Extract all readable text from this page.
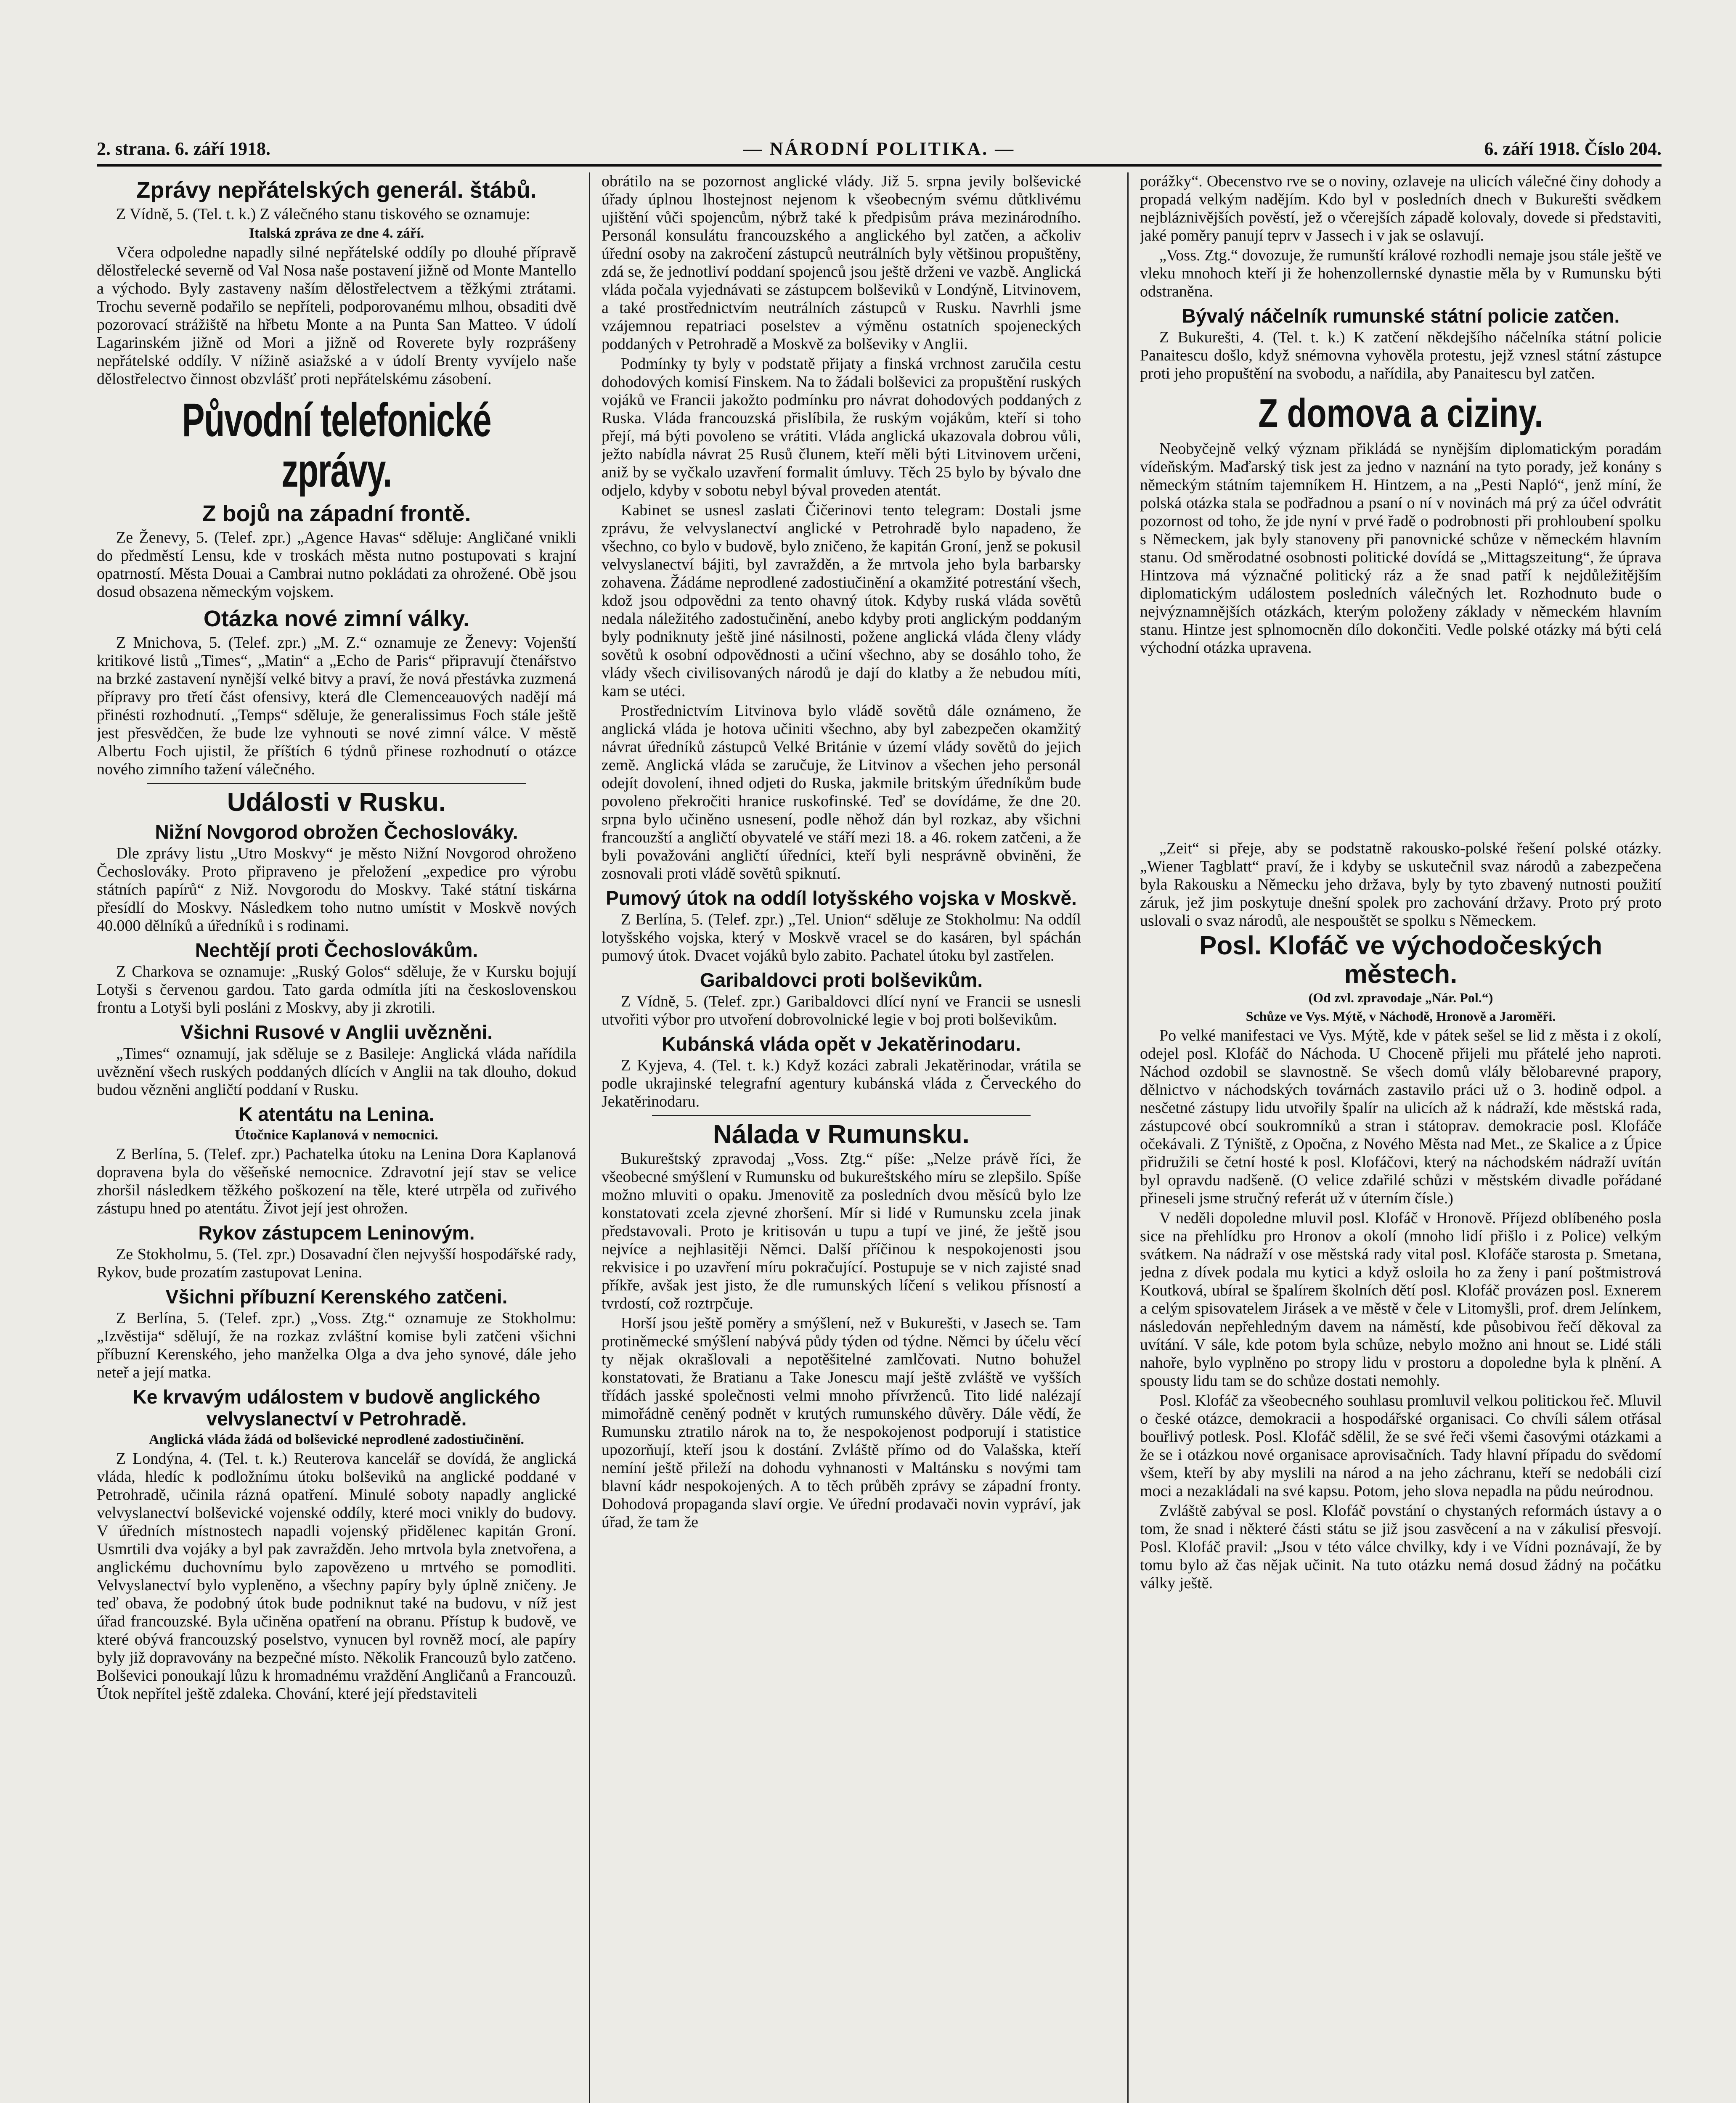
2. strana. 6. září 1918.	— NÁRODNÍ POLITIKA. —	6. září 1918. Číslo 204.
Zprávy nepřátelských generál. štábů.

Z Vídně, 5. (Tel. t. k.) Z válečného stanu tiskového se oznamuje:

Italská zpráva ze dne 4. září.

Včera odpoledne napadly silné nepřátelské oddíly po dlouhé přípravě dělostřelecké severně od Val Nosa naše postavení jižně od Monte Mantello a východo. Byly zastaveny naším dělostřelectvem a těžkými ztrátami. Trochu severně podařilo se nepříteli, podporovanému mlhou, obsaditi dvě pozorovací strážiště na hřbetu Monte a na Punta San Matteo. V údolí Lagarinském jižně od Mori a jižně od Roverete byly rozprášeny nepřátelské oddíly. V nížině asiažské a v údolí Brenty vyvíjelo naše dělostřelectvo činnost obzvlášť proti nepřátelskému zásobení.

Původní telefonické zprávy.
Z bojů na západní frontě.

Ze Ženevy, 5. (Telef. zpr.) „Agence Havas“ sděluje: Angličané vnikli do předměstí Lensu, kde v troskách města nutno postupovati s krajní opatrností. Města Douai a Cambrai nutno pokládati za ohrožené. Obě jsou dosud obsazena německým vojskem.

Otázka nové zimní války.

Z Mnichova, 5. (Telef. zpr.) „M. Z.“ oznamuje ze Ženevy: Vojenští kritikové listů „Times“, „Matin“ a „Echo de Paris“ připravují čtenářstvo na brzké zastavení nynější velké bitvy a praví, že nová přestávka zuzmená přípravy pro třetí část ofensivy, která dle Clemenceauových nadějí má přinésti rozhodnutí. „Temps“ sděluje, že generalissimus Foch stále ještě jest přesvědčen, že bude lze vyhnouti se nové zimní válce. V městě Albertu Foch ujistil, že příštích 6 týdnů přinese rozhodnutí o otázce nového zimního tažení válečného.

Události v Rusku.
Nižní Novgorod obrožen Čechoslováky.

Dle zprávy listu „Utro Moskvy“ je město Nižní Novgorod ohroženo Čechoslováky. Proto připraveno je přeložení „expedice pro výrobu státních papírů“ z Niž. Novgorodu do Moskvy. Také státní tiskárna přesídlí do Moskvy. Následkem toho nutno umístit v Moskvě nových 40.000 dělníků a úředníků i s rodinami.

Nechtějí proti Čechoslovákům.

Z Charkova se oznamuje: „Ruský Golos“ sděluje, že v Kursku bojují Lotyši s červenou gardou. Tato garda odmítla jíti na československou frontu a Lotyši byli posláni z Moskvy, aby ji zkrotili.

Všichni Rusové v Anglii uvězněni.

„Times“ oznamují, jak sděluje se z Basileje: Anglická vláda nařídila uvěznění všech ruských poddaných dlících v Anglii na tak dlouho, dokud budou vězněni angličtí poddaní v Rusku.

K atentátu na Lenina.
Útočnice Kaplanová v nemocnici.

Z Berlína, 5. (Telef. zpr.) Pachatelka útoku na Lenina Dora Kaplanová dopravena byla do věšeňské nemocnice. Zdravotní její stav se velice zhoršil následkem těžkého poškození na těle, které utrpěla od zuřivého zástupu hned po atentátu. Život její jest ohrožen.

Rykov zástupcem Leninovým.

Ze Stokholmu, 5. (Tel. zpr.) Dosavadní člen nejvyšší hospodářské rady, Rykov, bude prozatím zastupovat Lenina.

Všichni příbuzní Kerenského zatčeni.

Z Berlína, 5. (Telef. zpr.) „Voss. Ztg.“ oznamuje ze Stokholmu: „Izvěstija“ sdělují, že na rozkaz zvláštní komise byli zatčeni všichni příbuzní Kerenského, jeho manželka Olga a dva jeho synové, dále jeho neteř a její matka.

Ke krvavým událostem v budově anglického velvyslanectví v Petrohradě.
Anglická vláda žádá od bolševické neprodlené zadostiučinění.

Z Londýna, 4. (Tel. t. k.) Reuterova kancelář se dovídá, že anglická vláda, hledíc k podložnímu útoku bolševiků na anglické poddané v Petrohradě, učinila rázná opatření. Minulé soboty napadly anglické velvyslanectví bolševické vojenské oddíly, které moci vnikly do budovy. V úředních místnostech napadli vojenský přidělenec kapitán Groní. Usmrtili dva vojáky a byl pak zavražděn. Jeho mrtvola byla znetvořena, a anglickému duchovnímu bylo zapovězeno u mrtvého se pomodliti. Velvyslanectví bylo vypleněno, a všechny papíry byly úplně zničeny. Je teď obava, že podobný útok bude podniknut také na budovu, v níž jest úřad francouzské. Byla učiněna opatření na obranu. Přístup k budově, ve které obývá francouzský poselstvo, vynucen byl rovněž mocí, ale papíry byly již dopravovány na bezpečné místo. Několik Francouzů bylo zatčeno. Bolševici ponoukají lůzu k hromadnému vraždění Angličanů a Francouzů. Útok nepřítel ještě zdaleka. Chování, které její představiteli

obrátilo na se pozornost anglické vlády. Již 5. srpna jevily bolševické úřady úplnou lhostejnost nejenom k všeobecným svému důtklivému ujištění vůči spojencům, nýbrž také k předpisům práva mezinárodního. Personál konsulátu francouzského a anglického byl zatčen, a ačkoliv úřední osoby na zakročení zástupců neutrálních byly většinou propuštěny, zdá se, že jednotliví poddaní spojenců jsou ještě drženi ve vazbě. Anglická vláda počala vyjednávati se zástupcem bolševiků v Londýně, Litvinovem, a také prostřednictvím neutrálních zástupců v Rusku. Navrhli jsme vzájemnou repatriaci poselstev a výměnu ostatních spojeneckých poddaných v Petrohradě a Moskvě za bolševiky v Anglii.

Podmínky ty byly v podstatě přijaty a finská vrchnost zaručila cestu dohodových komisí Finskem. Na to žádali bolševici za propuštění ruských vojáků ve Francii jakožto podmínku pro návrat dohodových poddaných z Ruska. Vláda francouzská přislíbila, že ruským vojákům, kteří si toho přejí, má býti povoleno se vrátiti. Vláda anglická ukazovala dobrou vůli, ježto nabídla návrat 25 Rusů člunem, kteří měli býti Litvinovem určeni, aniž by se vyčkalo uzavření formalit úmluvy. Těch 25 bylo by bývalo dne odjelo, kdyby v sobotu nebyl býval proveden atentát.

Kabinet se usnesl zaslati Čičerinovi tento telegram: Dostali jsme zprávu, že velvyslanectví anglické v Petrohradě bylo napadeno, že všechno, co bylo v budově, bylo zničeno, že kapitán Groní, jenž se pokusil velvyslanectví bájiti, byl zavražděn, a že mrtvola jeho byla barbarsky zohavena. Žádáme neprodlené zadostiučinění a okamžité potrestání všech, kdož jsou odpovědni za tento ohavný útok. Kdyby ruská vláda sovětů nedala náležitého zadostučinění, anebo kdyby proti anglickým poddaným byly podniknuty ještě jiné násilnosti, požene anglická vláda členy vlády sovětů k osobní odpovědnosti a učiní všechno, aby se dosáhlo toho, že vlády všech civilisovaných národů je dají do klatby a že nebudou míti, kam se utéci.

Prostřednictvím Litvinova bylo vládě sovětů dále oznámeno, že anglická vláda je hotova učiniti všechno, aby byl zabezpečen okamžitý návrat úředníků zástupců Velké Británie v území vlády sovětů do jejich země. Anglická vláda se zaručuje, že Litvinov a všechen jeho personál odejít dovolení, ihned odjeti do Ruska, jakmile britským úředníkům bude povoleno překročiti hranice ruskofinské. Teď se dovídáme, že dne 20. srpna bylo učiněno usnesení, podle něhož dán byl rozkaz, aby všichni francouzští a angličtí obyvatelé ve stáří mezi 18. a 46. rokem zatčeni, a že byli považováni angličtí úředníci, kteří byli nesprávně obviněni, že zosnovali proti vládě sovětů spiknutí.

Pumový útok na oddíl lotyšského vojska v Moskvě.

Z Berlína, 5. (Telef. zpr.) „Tel. Union“ sděluje ze Stokholmu: Na oddíl lotyšského vojska, který v Moskvě vracel se do kasáren, byl spáchán pumový útok. Dvacet vojáků bylo zabito. Pachatel útoku byl zastřelen.

Garibaldovci proti bolševikům.

Z Vídně, 5. (Telef. zpr.) Garibaldovci dlící nyní ve Francii se usnesli utvořiti výbor pro utvoření dobrovolnické legie v boj proti bolševikům.

Kubánská vláda opět v Jekatěrinodaru.

Z Kyjeva, 4. (Tel. t. k.) Když kozáci zabrali Jekatěrinodar, vrátila se podle ukrajinské telegrafní agentury kubánská vláda z Červeckého do Jekatěrinodaru.

Nálada v Rumunsku.

Bukureštský zpravodaj „Voss. Ztg.“ píše: „Nelze právě říci, že všeobecné smýšlení v Rumunsku od bukureštského míru se zlepšilo. Spíše možno mluviti o opaku. Jmenovitě za posledních dvou měsíců bylo lze konstatovati zcela zjevné zhoršení. Mír si lidé v Rumunsku zcela jinak představovali. Proto je kritisován u tupu a tupí ve jiné, že ještě jsou nejvíce a nejhlasitěji Němci. Další příčinou k nespokojenosti jsou rekvisice i po uzavření míru pokračující. Postupuje se v nich zajisté snad příkře, avšak jest jisto, že dle rumunských líčení s velikou přísností a tvrdostí, což roztrpčuje.

Horší jsou ještě poměry a smýšlení, než v Bukurešti, v Jasech se. Tam protiněmecké smýšlení nabývá půdy týden od týdne. Němci by účelu věcí ty nějak okrašlovali a nepotěšitelné zamlčovati. Nutno bohužel konstatovati, že Bratianu a Take Jonescu mají ještě zvláště ve vyšších třídách jasské společnosti velmi mnoho přívrženců. Tito lidé nalézají mimořádně ceněný podnět v krutých rumunského důvěry. Dále vědí, že Rumunsku ztratilo nárok na to, že nespokojenost podporují i statistice upozorňují, kteří jsou k dostání. Zvláště přímo od do Valašska, kteří nemíní ještě přileží na dohodu vyhnanosti v Maltánsku s novými tam blavní kádr nespokojených. A to těch průběh zprávy se západní fronty. Dohodová propaganda slaví orgie. Ve úřední prodavači novin vypráví, jak úřad, že tam že

porážky“. Obecenstvo rve se o noviny, ozlaveje na ulicích válečné činy dohody a propadá velkým nadějím. Kdo byl v posledních dnech v Bukurešti svědkem nejbláznivějších pověstí, jež o včerejších západě kolovaly, dovede si představiti, jaké poměry panují teprv v Jassech i v jak se oslavují.

„Voss. Ztg.“ dovozuje, že rumunští králové rozhodli nemaje jsou stále ještě ve vleku mnohoch kteří ji že hohenzollernské dynastie měla by v Rumunsku býti odstraněna.

Bývalý náčelník rumunské státní policie zatčen.

Z Bukurešti, 4. (Tel. t. k.) K zatčení někdejšího náčelníka státní policie Panaitescu došlo, když snémovna vyhověla protestu, jejž vznesl státní zástupce proti jeho propuštění na svobodu, a nařídila, aby Panaitescu byl zatčen.

Z domova a ciziny.

Neobyčejně velký význam přikládá se nynějším diplomatickým poradám vídeňským. Maďarský tisk jest za jedno v naznání na tyto porady, jež konány s německým státním tajemníkem H. Hintzem, a na „Pesti Napló“, jenž míní, že polská otázka stala se podřadnou a psaní o ní v novinách má prý za účel odvrátit pozornost od toho, že jde nyní v prvé řadě o podrobnosti při prohloubení spolku s Německem, jak byly stanoveny při panovnické schůze v německém hlavním stanu. Od směrodatné osobnosti politické dovídá se „Mittagszeitung“, že úprava Hintzova má význačné politický ráz a že snad patří k nejdůležitějším diplomatickým událostem posledních válečných let. Rozhodnuto bude o nejvýznamnějších otázkách, kterým položeny základy v německém hlavním stanu. Hintze jest splnomocněn dílo dokončiti. Vedle polské otázky má býti celá východní otázka upravena.

„Zeit“ si přeje, aby se podstatně rakousko-polské řešení polské otázky. „Wiener Tagblatt“ praví, že i kdyby se uskutečnil svaz národů a zabezpečena byla Rakousku a Německu jeho država, byly by tyto zbavený nutnosti použití záruk, jež jim poskytuje dnešní spolek pro zachování državy. Proto prý proto uslovali o svaz národů, ale nespouštět se spolku s Německem.

Posl. Klofáč ve východočeských městech.
(Od zvl. zpravodaje „Nár. Pol.“)
Schůze ve Vys. Mýtě, v Náchodě, Hronově a Jaroměři.

Po velké manifestaci ve Vys. Mýtě, kde v pátek sešel se lid z města i z okolí, odejel posl. Klofáč do Náchoda. U Choceně přijeli mu přátelé jeho naproti. Náchod ozdobil se slavnostně. Se všech domů vlály bělobarevné prapory, dělnictvo v náchodských továrnách zastavilo práci už o 3. hodině odpol. a nesčetné zástupy lidu utvořily špalír na ulicích až k nádraží, kde městská rada, zástupcové obcí soukromníků a stran i státoprav. demokracie posl. Klofáče očekávali. Z Týniště, z Opočna, z Nového Města nad Met., ze Skalice a z Úpice přidružili se četní hosté k posl. Klofáčovi, který na náchodském nádraží uvítán byl opravdu nadšeně. (O velice zdařilé schůzi v městském divadle pořádané přineseli jsme stručný referát už v úterním čísle.)

V neděli dopoledne mluvil posl. Klofáč v Hronově. Příjezd oblíbeného posla sice na přehlídku pro Hronov a okolí (mnoho lidí přišlo i z Police) velkým svátkem. Na nádraží v ose městská rady vital posl. Klofáče starosta p. Smetana, jedna z dívek podala mu kytici a když osloila ho za ženy i paní poštmistrová Koutková, ubíral se špalírem školních dětí posl. Klofáč provázen posl. Exnerem a celým spisovatelem Jirásek a ve městě v čele v Litomyšli, prof. drem Jelínkem, následován nepřehledným davem na náměstí, kde působivou řečí děkoval za uvítání. V sále, kde potom byla schůze, nebylo možno ani hnout se. Lidé stáli nahoře, bylo vyplněno po stropy lidu v prostoru a dopoledne byla k plnění. A spousty lidu tam se do schůze dostati nemohly.

Posl. Klofáč za všeobecného souhlasu promluvil velkou politickou řeč. Mluvil o české otázce, demokracii a hospodářské organisaci. Co chvíli sálem otřásal bouřlivý potlesk. Posl. Klofáč sdělil, že se své řeči všemi časovými otázkami a že se i otázkou nové organisace aprovisačních. Tady hlavní případu do svědomí všem, kteří by aby myslili na národ a na jeho záchranu, kteří se nedobáli cizí moci a nezakládali na své kapsu. Potom, jeho slova nepadla na půdu neúrodnou.

Zvláště zabýval se posl. Klofáč povstání o chystaných reformách ústavy a o tom, že snad i některé části státu se již jsou zasvěcení a na v zákulisí přesvojí. Posl. Klofáč pravil: „Jsou v této válce chvilky, kdy i ve Vídni poznávají, že by tomu bylo až čas nějak učinit. Na tuto otázku nemá dosud žádný na počátku války ještě.
